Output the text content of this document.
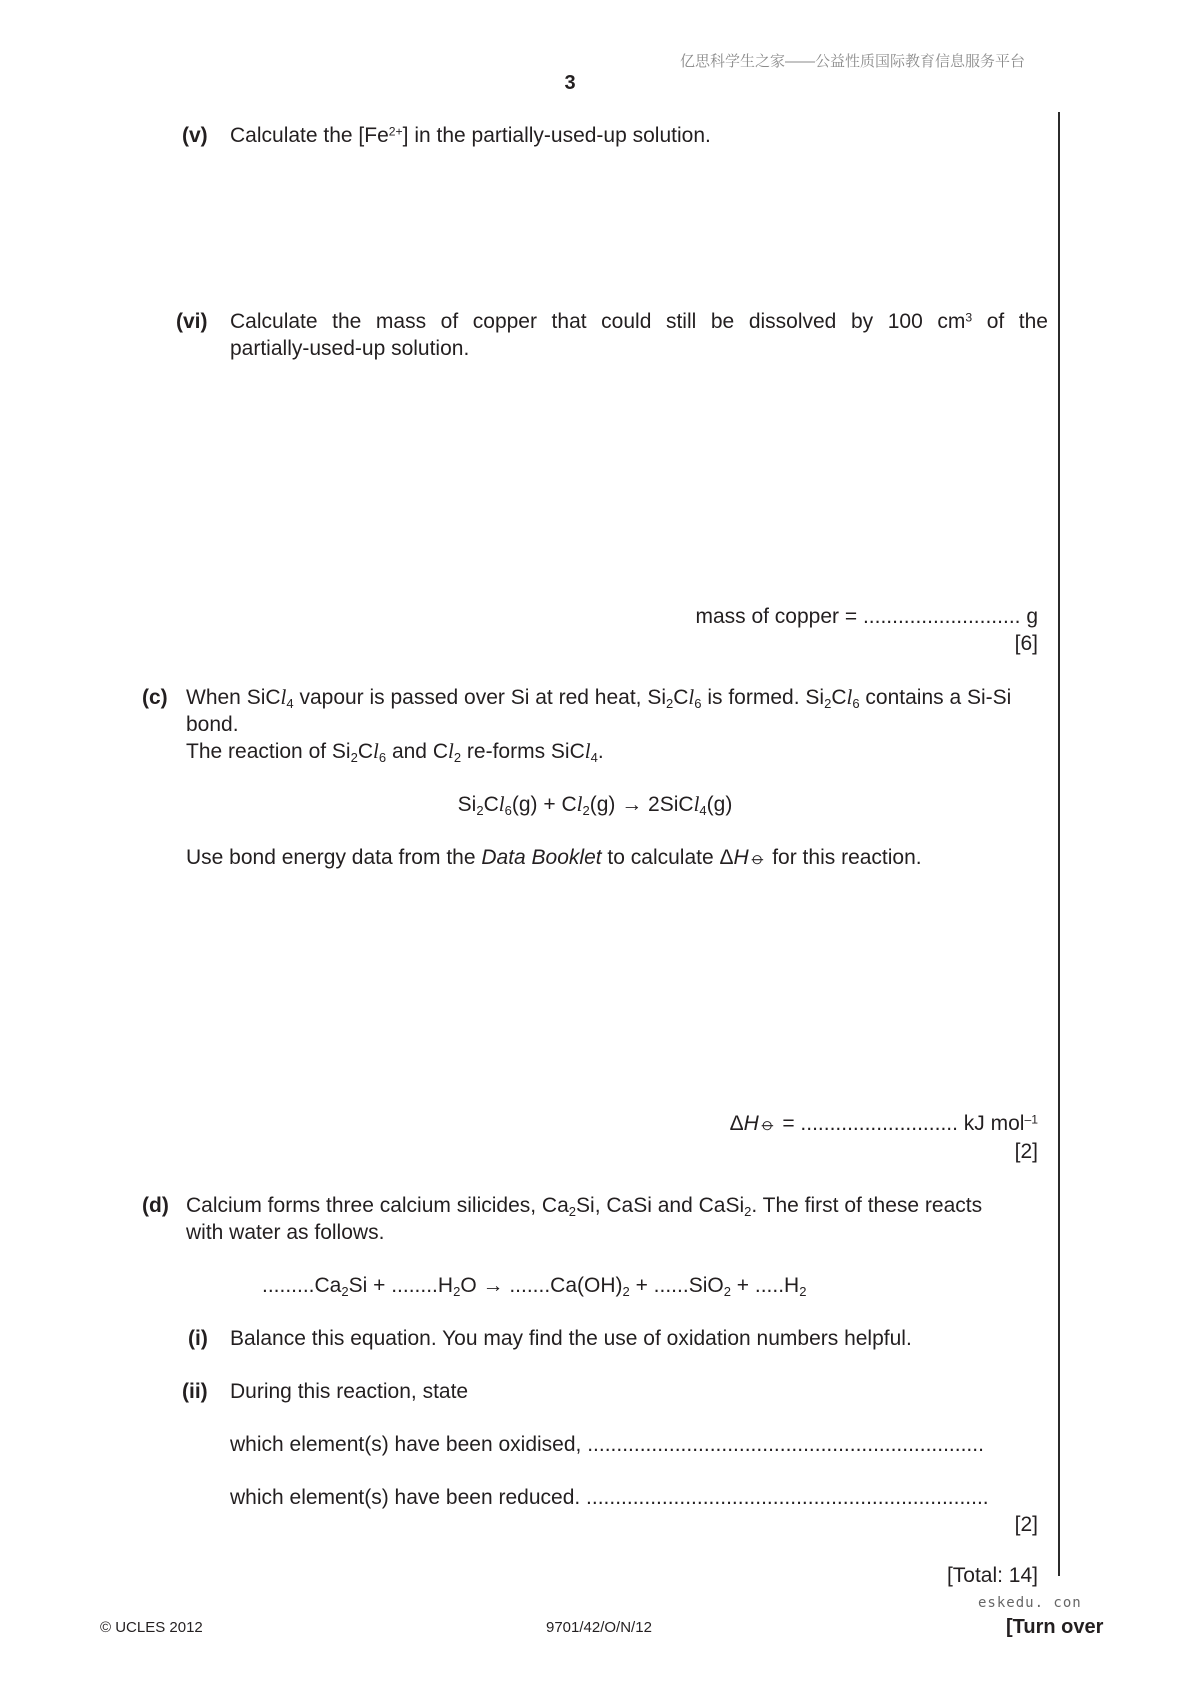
亿思科学生之家——公益性质国际教育信息服务平台
3
(v) Calculate the $[Fe^{2+}]$ in the partially-used-up solution.
(vi) Calculate the mass of copper that could still be dissolved by 100 $cm^3$ of the
partially-used-up solution.
mass of copper = ........................... g
[6]
(c) When SiCl$_4$ vapour is passed over Si at red heat, $Si_2Cl_6$ is formed. $Si_2Cl_6$ contains a Si-Si
bond.
The reaction of $Si_2Cl_6$ and $Cl_2$ re-forms SiCl$_4$.
$Si_2Cl_6(g) + Cl_2(g)$ → 2SiCl$_4$(g)
Use bond energy data from the Data Booklet to calculate ΔH⦵ for this reaction.
ΔH⦵ = ........................... kJ mol$^{-1}$
[2]
(d) Calcium forms three calcium silicides, $Ca_2Si$, CaSi and CaSi$_2$. The first of these reacts
with water as follows.
$.........Ca_2Si + ........H_2O \to .......Ca(OH)_2 + ......SiO_2 + .....H_2$
(i) Balance this equation. You may find the use of oxidation numbers helpful.
(ii) During this reaction, state
which element(s) have been oxidised, ....................................................................
which element(s) have been reduced. .....................................................................
[2]
[Total: 14]
eskedu. con
© UCLES 2012	9701/42/O/N/12	[Turn over
